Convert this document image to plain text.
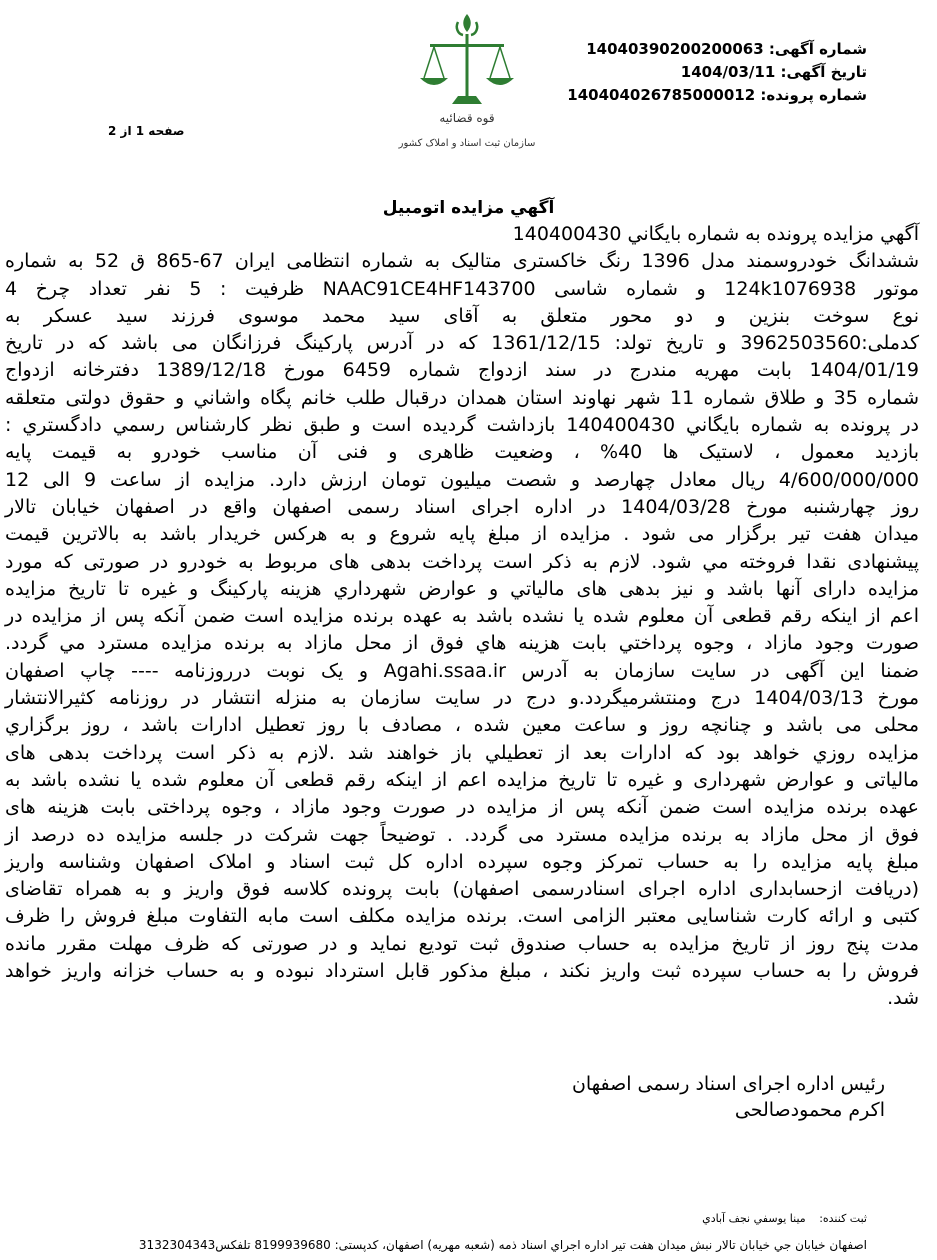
شماره آگهی: 14040390200200063
تاریخ آگهی: 1404/03/11
شماره پرونده: 140404026785000012
قوه قضائیه
سازمان ثبت اسناد و املاک کشور
صفحه 1 از 2
آگهي مزايده اتومبيل
آگهي مزايده پرونده به شماره بايگاني 140400430
ششدانگ خودروسمند مدل 1396 رنگ خاکستری متالیک به شماره انتظامی ایران 67-865 ق 52 به شماره
موتور 124k1076938 و شماره شاسی NAAC91CE4HF143700 ظرفیت : 5 نفر تعداد چرخ 4
نوع سوخت بنزین و دو محور متعلق به آقای سید محمد موسوی فرزند سید عسکر به
کدملی:3962503560 و تاریخ تولد: 1361/12/15 که در آدرس پارکینگ فرزانگان می باشد که در تاریخ
1404/01/19 بابت مهریه مندرج در سند ازدواج شماره 6459 مورخ 1389/12/18 دفترخانه ازدواج
شماره 35 و طلاق شماره 11 شهر نهاوند استان همدان درقبال طلب خانم پگاه واشاني و حقوق دولتی متعلقه
در پرونده به شماره بايگاني 140400430 بازداشت گرديده است و طبق نظر کارشناس رسمي دادگستري :
بازدید معمول ، لاستیک ها 40% ، وضعیت ظاهری و فنی آن مناسب خودرو به قیمت پایه
4/600/000/000 ریال معادل چهارصد و شصت میلیون تومان ارزش دارد. مزايده از ساعت 9 الی 12
روز چهارشنبه مورخ 1404/03/28 در اداره اجرای اسناد رسمی اصفهان واقع در اصفهان خیابان تالار
میدان هفت تیر برگزار می شود . مزايده از مبلغ پايه شروع و به هرکس خريدار باشد به بالاترين قيمت
پيشنهادی نقدا فروخته مي شود. لازم به ذکر است پرداخت بدهی های مربوط به خودرو در صورتی که مورد
مزايده دارای آنها باشد و نیز بدهی های مالياتي و عوارض شهرداري هزينه پارکينگ و غيره تا تاريخ مزايده
اعم از اينکه رقم قطعی آن معلوم شده يا نشده باشد به عهده برنده مزايده است ضمن آنکه پس از مزايده در
صورت وجود مازاد ، وجوه پرداختي بابت هزينه هاي فوق از محل مازاد به برنده مزايده مسترد مي گردد.
ضمنا اين آگهی در سایت سازمان به آدرس Agahi.ssaa.ir و یک نوبت درروزنامه ---- چاپ اصفهان
مورخ 1404/03/13 درج ومنتشرمیگردد.و درج در سایت سازمان به منزله انتشار در روزنامه کثیرالانتشار
محلی می باشد و چنانچه روز و ساعت معين شده ، مصادف با روز تعطیل ادارات باشد ، روز برگزاري
مزايده روزي خواهد بود که ادارات بعد از تعطيلي باز خواهند شد .لازم به ذکر است پرداخت بدهی های
مالیاتی و عوارض شهرداری و غیره تا تاریخ مزایده اعم از اینکه رقم قطعی آن معلوم شده یا نشده باشد به
عهده برنده مزایده است ضمن آنکه پس از مزایده در صورت وجود مازاد ، وجوه پرداختی بابت هزینه های
فوق از محل مازاد به برنده مزایده مسترد می گردد. . توضیحاً جهت شرکت در جلسه مزايده ده درصد از
مبلغ پایه مزایده را به حساب تمرکز وجوه سپرده اداره کل ثبت اسناد و املاک اصفهان وشناسه واریز
(دریافت ازحسابداری اداره اجرای اسنادرسمی اصفهان) بابت پرونده کلاسه فوق واریز و به همراه تقاضای
کتبی و ارائه کارت شناسایی معتبر الزامی است. برنده مزايده مکلف است مابه التفاوت مبلغ فروش را ظرف
مدت پنج روز از تاریخ مزایده به حساب صندوق ثبت توديع نمايد و در صورتی که ظرف مهلت مقرر مانده
فروش را به حساب سپرده ثبت واريز نکند ، مبلغ مذکور قابل استرداد نبوده و به حساب خزانه واريز خواهد
شد.
رئیس اداره اجرای اسناد رسمی اصفهان
اکرم محمودصالحی
ثبت کننده: مينا يوسفي نجف آبادي
اصفهان خيابان جي خيابان تالار نبش ميدان هفت تير اداره اجراي اسناد ذمه (شعبه مهريه) اصفهان، کدپستی: 8199939680 تلفکس3132304343
